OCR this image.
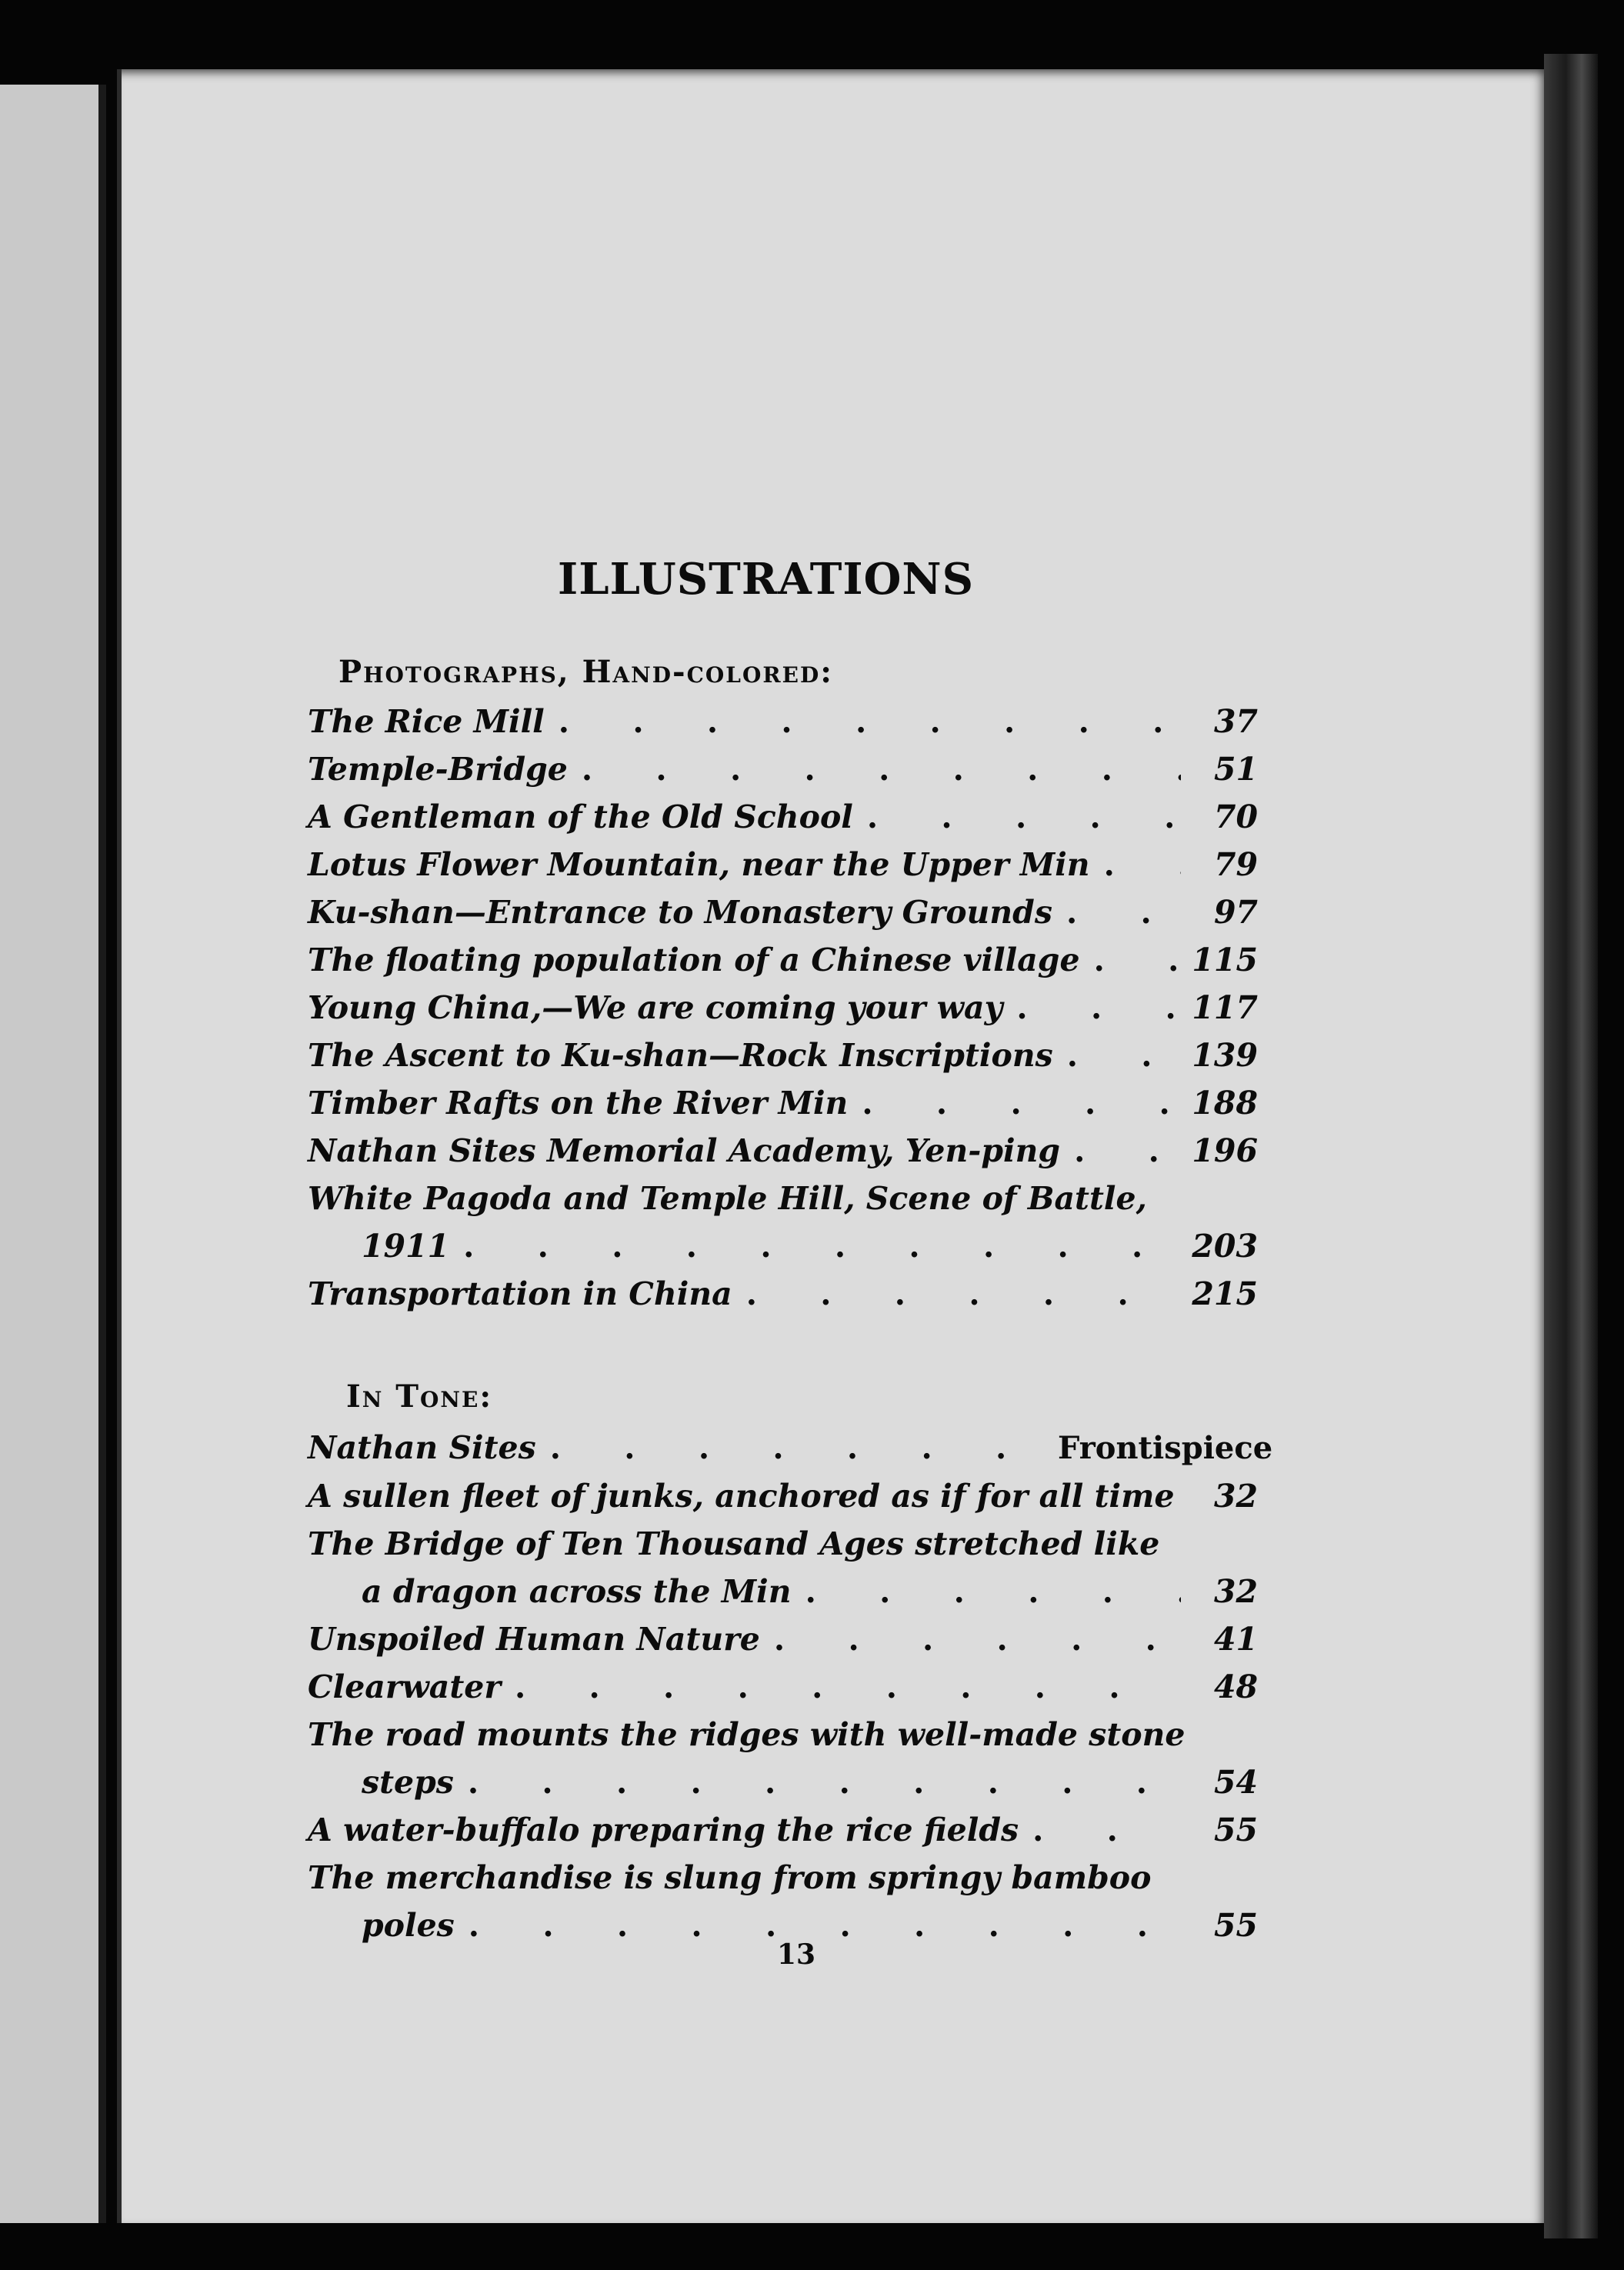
ILLUSTRATIONS
Photographs, Hand-colored:
The Rice Mill . . .	37
Temple-Bridge . . .	51
A Gentleman of the Old School . . .	70
Lotus Flower Mountain, near the Upper Min . . .	79
Ku-shan—Entrance to Monastery Grounds . . .	97
The floating population of a Chinese village . . .	115
Young China,—We are coming your way . . .	117
The Ascent to Ku-shan—Rock Inscriptions . . .	139
Timber Rafts on the River Min . . .	188
Nathan Sites Memorial Academy, Yen-ping . . .	196
White Pagoda and Temple Hill, Scene of Battle,
1911 . . .	203
Transportation in China . . .	215
In Tone:
Nathan Sites . . .	Frontispiece
A sullen fleet of junks, anchored as if for all time	32
The Bridge of Ten Thousand Ages stretched like
a dragon across the Min . . .	32
Unspoiled Human Nature . . .	41
Clearwater . . .	48
The road mounts the ridges with well-made stone
steps . . .	54
A water-buffalo preparing the rice fields . . .	55
The merchandise is slung from springy bamboo
poles . . .	55
13
